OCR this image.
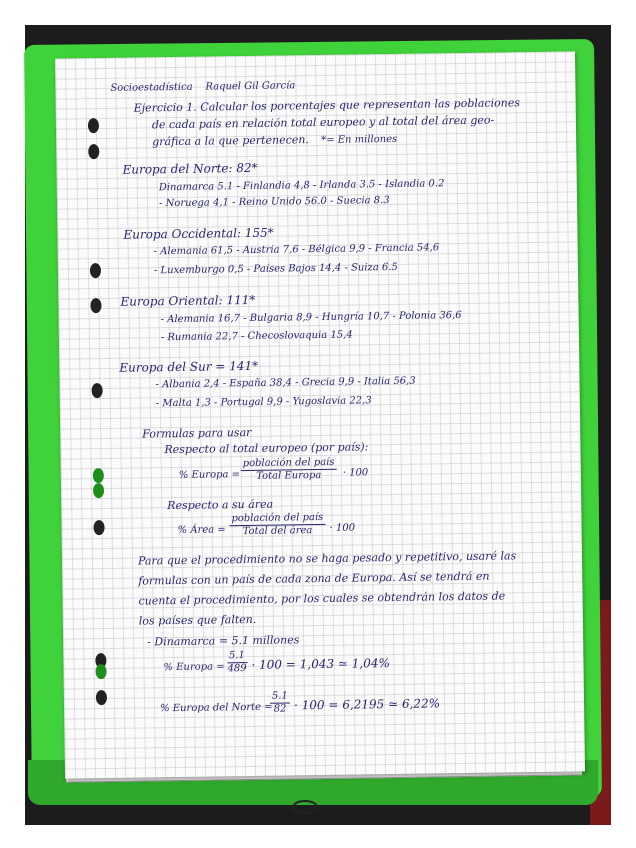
Socioestadística Raquel Gil García
Ejercicio 1. Calcular los porcentajes que representan las poblaciones
de cada país en relación total europeo y al total del área geo-
gráfica a la que pertenecen. *= En millones
Europa del Norte: 82*
Dinamarca 5.1 - Finlandia 4,8 - Irlanda 3.5 - Islandia 0.2
- Noruega 4,1 - Reino Unido 56.0 - Suecia 8.3
Europa Occidental: 155*
- Alemania 61,5 - Austria 7,6 - Bélgica 9,9 - Francia 54,6
- Luxemburgo 0,5 - Países Bajos 14,4 - Suiza 6.5
Europa Oriental: 111*
- Alemania 16,7 - Bulgaria 8,9 - Hungría 10,7 - Polonia 36,6
- Rumania 22,7 - Checoslovaquia 15,4
Europa del Sur = 141*
- Albania 2,4 - España 38,4 - Grecia 9,9 - Italia 56,3
- Malta 1,3 - Portugal 9,9 - Yugoslavia 22,3
Formulas para usar
Respecto al total europeo (por país):
% Europa =
población del país
Total Europa · 100
Respecto a su área
% Área =
población del país
Total del área · 100
Para que el procedimiento no se haga pesado y repetitivo, usaré las
formulas con un país de cada zona de Europa. Así se tendrá en
cuenta el procedimiento, por los cuales se obtendrán los datos de
los países que falten.
- Dinamarca = 5.1 millones
% Europa = $\frac{5.1}{489} \cdot 100 = 1,043$ ≃ 1,04%
% Europa del Norte =
$\frac{5.1}{82} \cdot 100 = 6,2195$ ≃ 6,22%
